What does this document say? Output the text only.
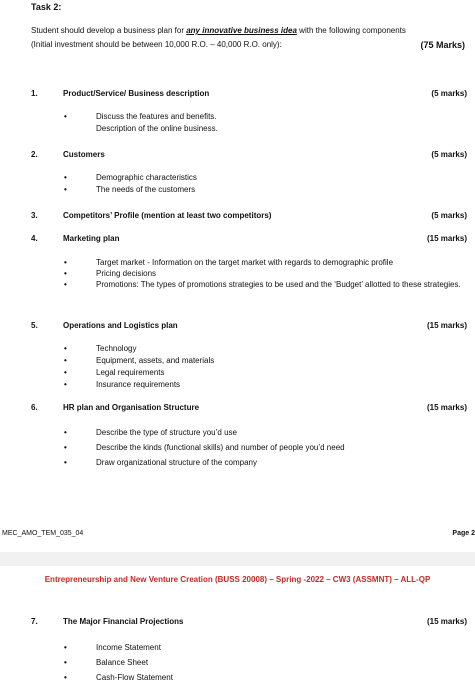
Task 2:
Student should develop a business plan for any innovative business idea with the following components
(Initial investment should be between 10,000 R.O. – 40,000 R.O. only):	(75 Marks)
1.	Product/Service/ Business description	(5 marks)
•	Discuss the features and benefits.
Description of the online business.
2.	Customers	(5 marks)
•	Demographic characteristics
•	The needs of the customers
3.	Competitors’ Profile (mention at least two competitors)	(5 marks)
4.	Marketing plan	(15 marks)
•	Target market - Information on the target market with regards to demographic profile
•	Pricing decisions
•	Promotions: The types of promotions strategies to be used and the ‘Budget’ allotted to these strategies.
5.	Operations and Logistics plan	(15 marks)
•	Technology
•	Equipment, assets, and materials
•	Legal requirements
•	Insurance requirements
6.	HR plan and Organisation Structure	(15 marks)
•	Describe the type of structure you’d use
•	Describe the kinds (functional skills) and number of people you’d need
•	Draw organizational structure of the company
MEC_AMO_TEM_035_04	Page 2
Entrepreneurship and New Venture Creation (BUSS 20008) – Spring -2022 – CW3 (ASSMNT) – ALL-QP
7.	The Major Financial Projections	(15 marks)
•	Income Statement
•	Balance Sheet
•	Cash-Flow Statement
